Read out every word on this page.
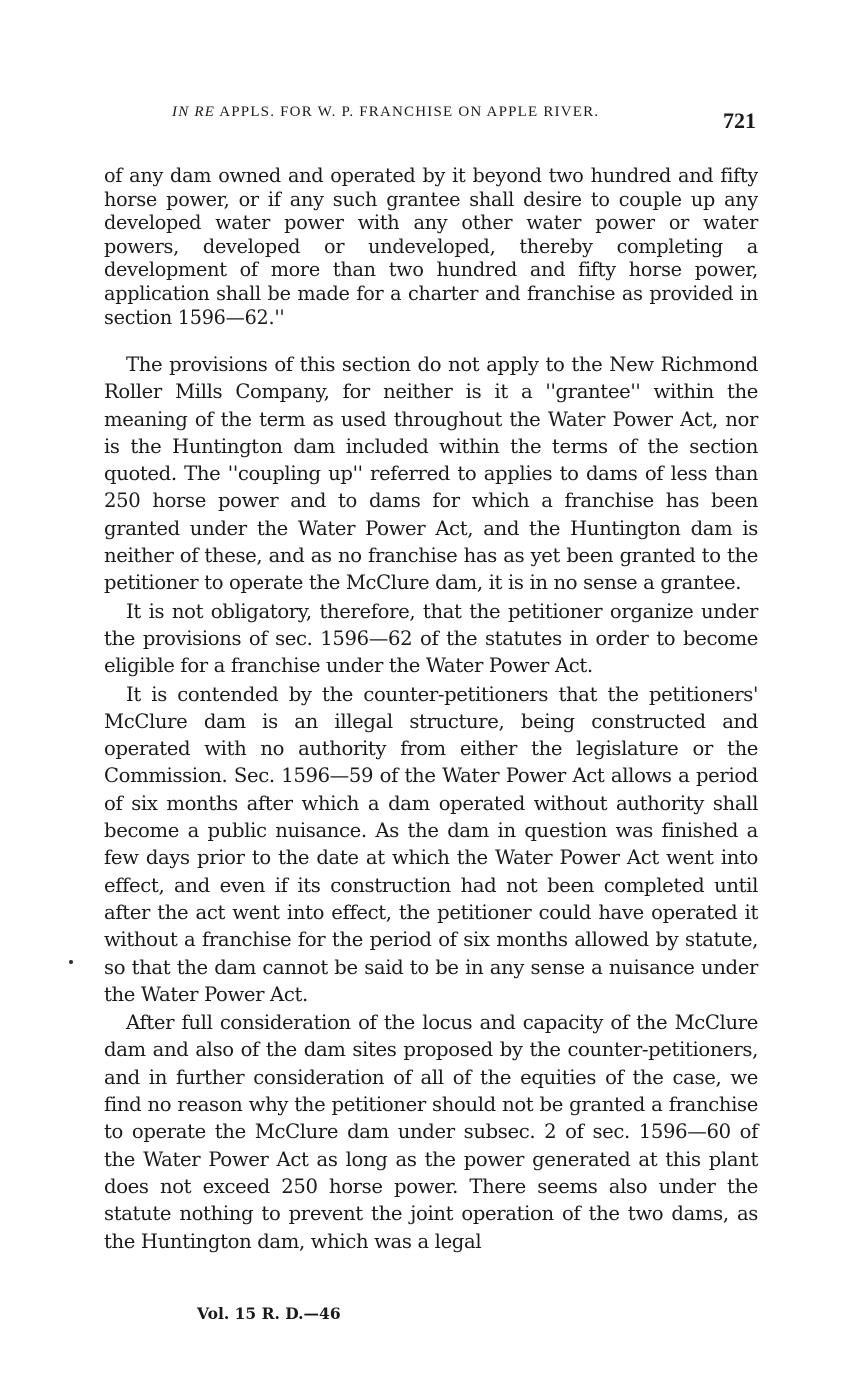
IN RE APPLS. FOR W. P. FRANCHISE ON APPLE RIVER.	721
of any dam owned and operated by it beyond two hundred and fifty horse power, or if any such grantee shall desire to couple up any developed water power with any other water power or water powers, developed or undeveloped, thereby completing a development of more than two hundred and fifty horse power, application shall be made for a charter and franchise as provided in section 1596—62.''

The provisions of this section do not apply to the New Richmond Roller Mills Company, for neither is it a ''grantee'' within the meaning of the term as used throughout the Water Power Act, nor is the Huntington dam included within the terms of the section quoted. The ''coupling up'' referred to applies to dams of less than 250 horse power and to dams for which a franchise has been granted under the Water Power Act, and the Huntington dam is neither of these, and as no franchise has as yet been granted to the petitioner to operate the McClure dam, it is in no sense a grantee.

It is not obligatory, therefore, that the petitioner organize under the provisions of sec. 1596—62 of the statutes in order to become eligible for a franchise under the Water Power Act.

It is contended by the counter-petitioners that the petitioners' McClure dam is an illegal structure, being constructed and operated with no authority from either the legislature or the Commission. Sec. 1596—59 of the Water Power Act allows a period of six months after which a dam operated without authority shall become a public nuisance. As the dam in question was finished a few days prior to the date at which the Water Power Act went into effect, and even if its construction had not been completed until after the act went into effect, the petitioner could have operated it without a franchise for the period of six months allowed by statute, so that the dam cannot be said to be in any sense a nuisance under the Water Power Act.

After full consideration of the locus and capacity of the McClure dam and also of the dam sites proposed by the counter-petitioners, and in further consideration of all of the equities of the case, we find no reason why the petitioner should not be granted a franchise to operate the McClure dam under subsec. 2 of sec. 1596—60 of the Water Power Act as long as the power generated at this plant does not exceed 250 horse power. There seems also under the statute nothing to prevent the joint operation of the two dams, as the Huntington dam, which was a legal

Vol. 15 R. D.—46
